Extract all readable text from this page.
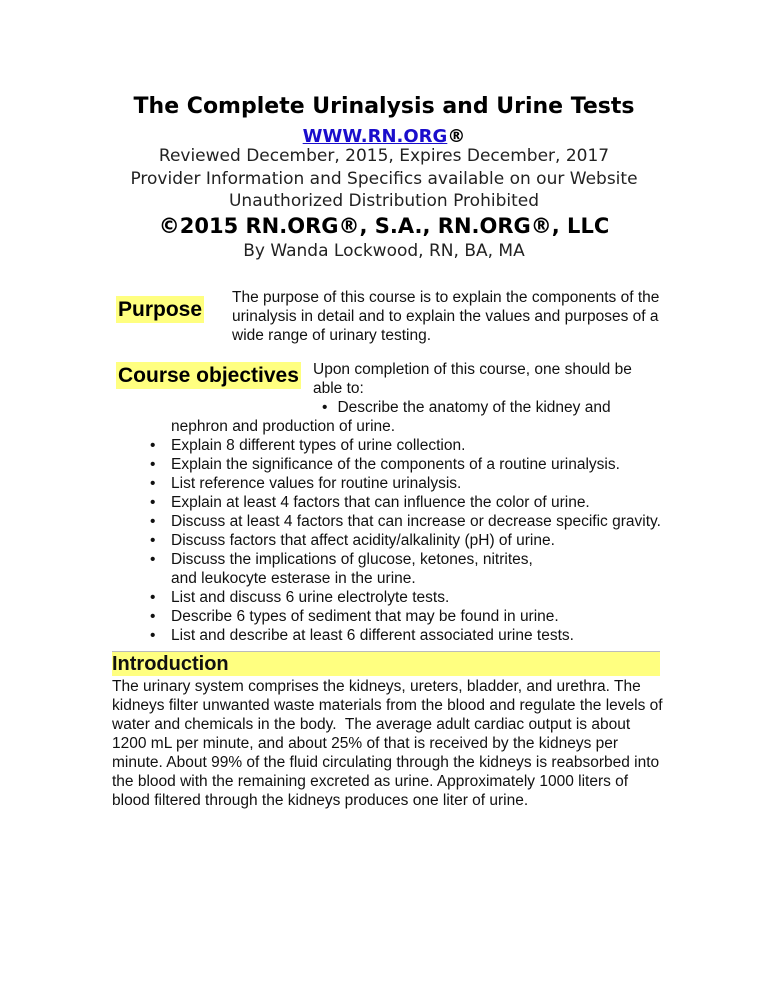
The Complete Urinalysis and Urine Tests
WWW.RN.ORG®
Reviewed December, 2015, Expires December, 2017
Provider Information and Specifics available on our Website
Unauthorized Distribution Prohibited
©2015 RN.ORG®, S.A., RN.ORG®, LLC
By Wanda Lockwood, RN, BA, MA
Purpose
The purpose of this course is to explain the components of the
urinalysis in detail and to explain the values and purposes of a
wide range of urinary testing.
Course objectives Upon completion of this course, one should be
able to:
• Describe the anatomy of the kidney and
nephron and production of urine.
• Explain 8 different types of urine collection.
• Explain the significance of the components of a routine urinalysis.
• List reference values for routine urinalysis.
• Explain at least 4 factors that can influence the color of urine.
• Discuss at least 4 factors that can increase or decrease specific gravity.
• Discuss factors that affect acidity/alkalinity (pH) of urine.
• Discuss the implications of glucose, ketones, nitrites, and leukocyte esterase in the urine.
• List and discuss 6 urine electrolyte tests.
• Describe 6 types of sediment that may be found in urine.
• List and describe at least 6 different associated urine tests.
Introduction
The urinary system comprises the kidneys, ureters, bladder, and urethra. The
kidneys filter unwanted waste materials from the blood and regulate the levels of
water and chemicals in the body.  The average adult cardiac output is about
1200 mL per minute, and about 25% of that is received by the kidneys per
minute. About 99% of the fluid circulating through the kidneys is reabsorbed into
the blood with the remaining excreted as urine. Approximately 1000 liters of
blood filtered through the kidneys produces one liter of urine.
